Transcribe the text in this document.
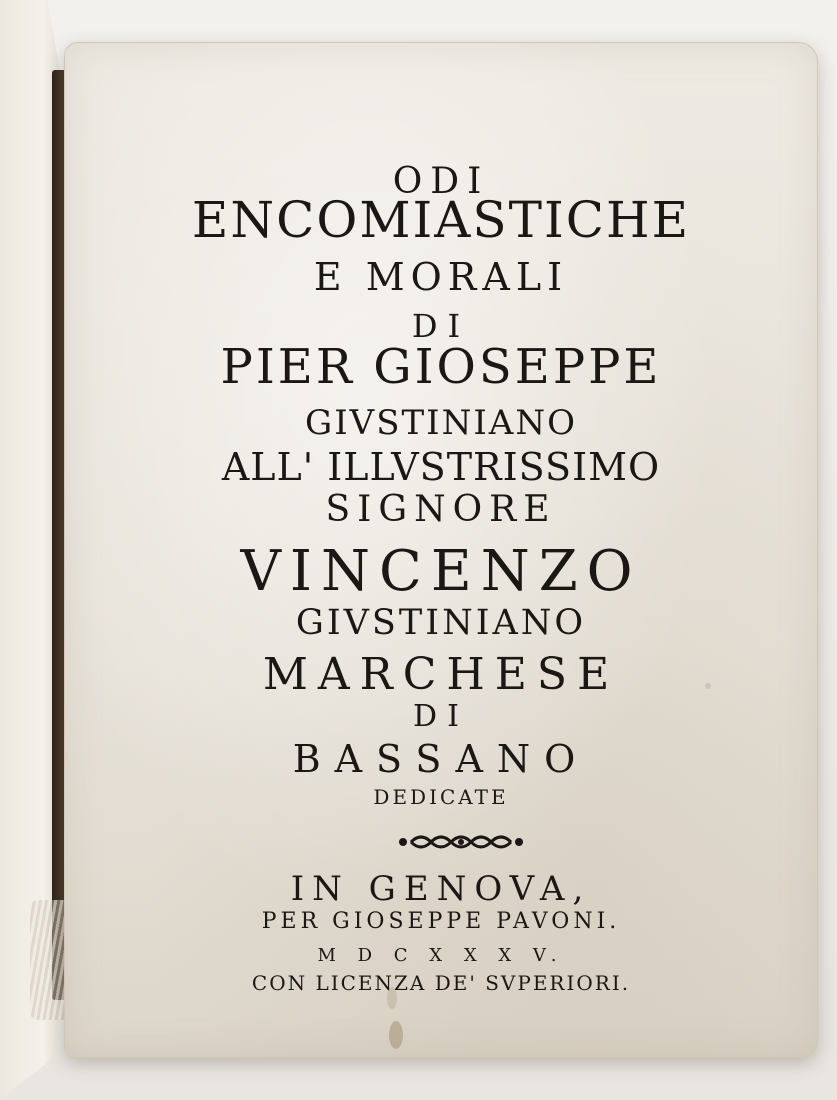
ODI
ENCOMIASTICHE
E MORALI
DI
PIER GIOSEPPE
GIVSTINIANO
ALL' ILLVSTRISSIMO
SIGNORE
VINCENZO
GIVSTINIANO
MARCHESE
DI
BASSANO
DEDICATE
IN GENOVA,
PER GIOSEPPE PAVONI.
M D C X X X V.
CON LICENZA DE' SVPERIORI.
